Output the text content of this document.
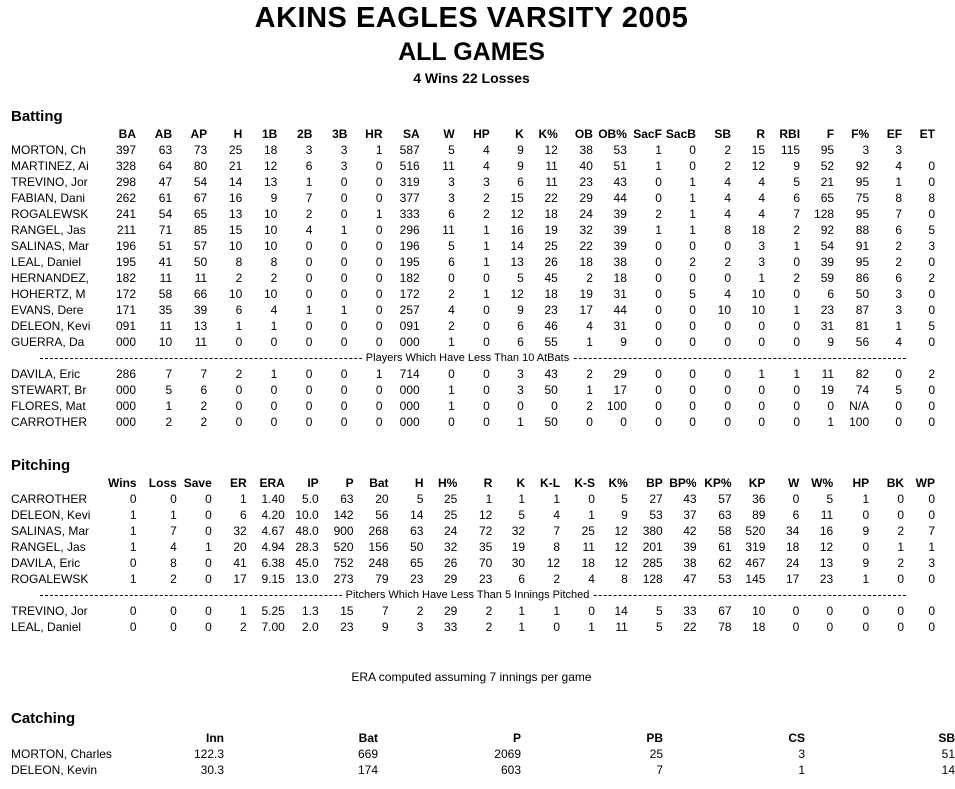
AKINS EAGLES VARSITY 2005
ALL GAMES
4 Wins 22 Losses
Batting
	BA	AB	AP	H	1B	2B	3B	HR	SA	W	HP	K	K%	OB	OB%	SacF	SacB	SB	R	RBI	F	F%	EF	ET
MORTON, Ch	397	63	73	25	18	3	3	1	587	5	4	9	12	38	53	1	0	2	15	115	95	3	3	
MARTINEZ, Ai	328	64	80	21	12	6	3	0	516	11	4	9	11	40	51	1	0	2	12	9	52	92	4	0
TREVINO, Jor	298	47	54	14	13	1	0	0	319	3	3	6	11	23	43	0	1	4	4	5	21	95	1	0
FABIAN, Dani	262	61	67	16	9	7	0	0	377	3	2	15	22	29	44	0	1	4	4	6	65	75	8	8
ROGALEWSK	241	54	65	13	10	2	0	1	333	6	2	12	18	24	39	2	1	4	4	7	128	95	7	0
RANGEL, Jas	211	71	85	15	10	4	1	0	296	11	1	16	19	32	39	1	1	8	18	2	92	88	6	5
SALINAS, Mar	196	51	57	10	10	0	0	0	196	5	1	14	25	22	39	0	0	0	3	1	54	91	2	3
LEAL, Daniel	195	41	50	8	8	0	0	0	195	6	1	13	26	18	38	0	2	2	3	0	39	95	2	0
HERNANDEZ,	182	11	11	2	2	0	0	0	182	0	0	5	45	2	18	0	0	0	1	2	59	86	6	2
HOHERTZ, M	172	58	66	10	10	0	0	0	172	2	1	12	18	19	31	0	5	4	10	0	6	50	3	0
EVANS, Dere	171	35	39	6	4	1	1	0	257	4	0	9	23	17	44	0	0	10	10	1	23	87	3	0
DELEON, Kevi	091	11	13	1	1	0	0	0	091	2	0	6	46	4	31	0	0	0	0	0	31	81	1	5
GUERRA, Da	000	10	11	0	0	0	0	0	000	1	0	6	55	1	9	0	0	0	0	0	9	56	4	0

Players Which Have Less Than 10 AtBats																								

DAVILA, Eric	286	7	7	2	1	0	0	1	714	0	0	3	43	2	29	0	0	0	1	1	11	82	0	2
STEWART, Br	000	5	6	0	0	0	0	0	000	1	0	3	50	1	17	0	0	0	0	0	19	74	5	0
FLORES, Mat	000	1	2	0	0	0	0	0	000	1	0	0	0	2	100	0	0	0	0	0	0	N/A	0	0
CARROTHER	000	2	2	0	0	0	0	0	000	0	0	1	50	0	0	0	0	0	0	0	1	100	0	0
Pitching
	Wins	Loss	Save	ER	ERA	IP	P	Bat	H	H%	R	K	K-L	K-S	K%	BP	BP%	KP%	KP	W	W%	HP	BK	WP
CARROTHER	0	0	0	1	1.40	5.0	63	20	5	25	1	1	1	0	5	27	43	57	36	0	5	1	0	0
DELEON, Kevi	1	1	0	6	4.20	10.0	142	56	14	25	12	5	4	1	9	53	37	63	89	6	11	0	0	0
SALINAS, Mar	1	7	0	32	4.67	48.0	900	268	63	24	72	32	7	25	12	380	42	58	520	34	16	9	2	7
RANGEL, Jas	1	4	1	20	4.94	28.3	520	156	50	32	35	19	8	11	12	201	39	61	319	18	12	0	1	1
DAVILA, Eric	0	8	0	41	6.38	45.0	752	248	65	26	70	30	12	18	12	285	38	62	467	24	13	9	2	3
ROGALEWSK	1	2	0	17	9.15	13.0	273	79	23	29	23	6	2	4	8	128	47	53	145	17	23	1	0	0

Pitchers Which Have Less Than 5 Innings Pitched																								

TREVINO, Jor	0	0	0	1	5.25	1.3	15	7	2	29	2	1	1	0	14	5	33	67	10	0	0	0	0	0
LEAL, Daniel	0	0	0	2	7.00	2.0	23	9	3	33	2	1	0	1	11	5	22	78	18	0	0	0	0	0
ERA computed assuming 7 innings per game
Catching
	Inn	Bat	P	PB	CS	SB
MORTON, Charles	122.3	669	2069	25	3	51
DELEON, Kevin	30.3	174	603	7	1	14
